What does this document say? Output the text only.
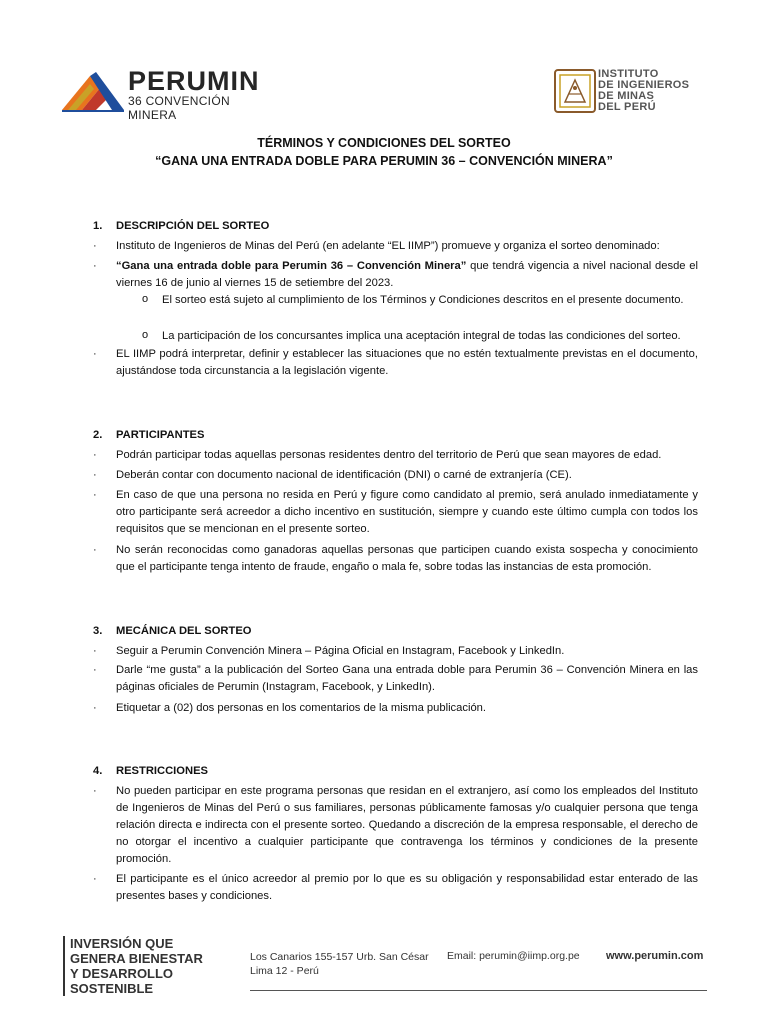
PERUMIN
36 CONVENCIÓN MINERA
INSTITUTO
DE INGENIEROS
DE MINAS
DEL PERÚ
TÉRMINOS Y CONDICIONES DEL SORTEO
“GANA UNA ENTRADA DOBLE PARA PERUMIN 36 – CONVENCIÓN MINERA”
1. DESCRIPCIÓN DEL SORTEO
· Instituto de Ingenieros de Minas del Perú (en adelante “EL IIMP”) promueve y organiza el sorteo denominado:
· “Gana una entrada doble para Perumin 36 – Convención Minera” que tendrá vigencia a nivel nacional desde el viernes 16 de junio al viernes 15 de setiembre del 2023.
o El sorteo está sujeto al cumplimiento de los Términos y Condiciones descritos en el presente documento.
o La participación de los concursantes implica una aceptación integral de todas las condiciones del sorteo.
· EL IIMP podrá interpretar, definir y establecer las situaciones que no estén textualmente previstas en el documento, ajustándose toda circunstancia a la legislación vigente.
2. PARTICIPANTES
· Podrán participar todas aquellas personas residentes dentro del territorio de Perú que sean mayores de edad.
· Deberán contar con documento nacional de identificación (DNI) o carné de extranjería (CE).
· En caso de que una persona no resida en Perú y figure como candidato al premio, será anulado inmediatamente y otro participante será acreedor a dicho incentivo en sustitución, siempre y cuando este último cumpla con todos los requisitos que se mencionan en el presente sorteo.
· No serán reconocidas como ganadoras aquellas personas que participen cuando exista sospecha y conocimiento que el participante tenga intento de fraude, engaño o mala fe, sobre todas las instancias de esta promoción.
3. MECÁNICA DEL SORTEO
· Seguir a Perumin Convención Minera – Página Oficial en Instagram, Facebook y LinkedIn.
· Darle “me gusta” a la publicación del Sorteo Gana una entrada doble para Perumin 36 – Convención Minera en las páginas oficiales de Perumin (Instagram, Facebook, y LinkedIn).
· Etiquetar a (02) dos personas en los comentarios de la misma publicación.
4. RESTRICCIONES
· No pueden participar en este programa personas que residan en el extranjero, así como los empleados del Instituto de Ingenieros de Minas del Perú o sus familiares, personas públicamente famosas y/o cualquier persona que tenga relación directa e indirecta con el presente sorteo. Quedando a discreción de la empresa responsable, el derecho de no otorgar el incentivo a cualquier participante que contravenga los términos y condiciones de la presente promoción.
· El participante es el único acreedor al premio por lo que es su obligación y responsabilidad estar enterado de las presentes bases y condiciones.
INVERSIÓN QUE
GENERA BIENESTAR
Y DESARROLLO
SOSTENIBLE
Los Canarios 155-157 Urb. San César
Lima 12 - Perú
Email: perumin@iimp.org.pe www.perumin.com
